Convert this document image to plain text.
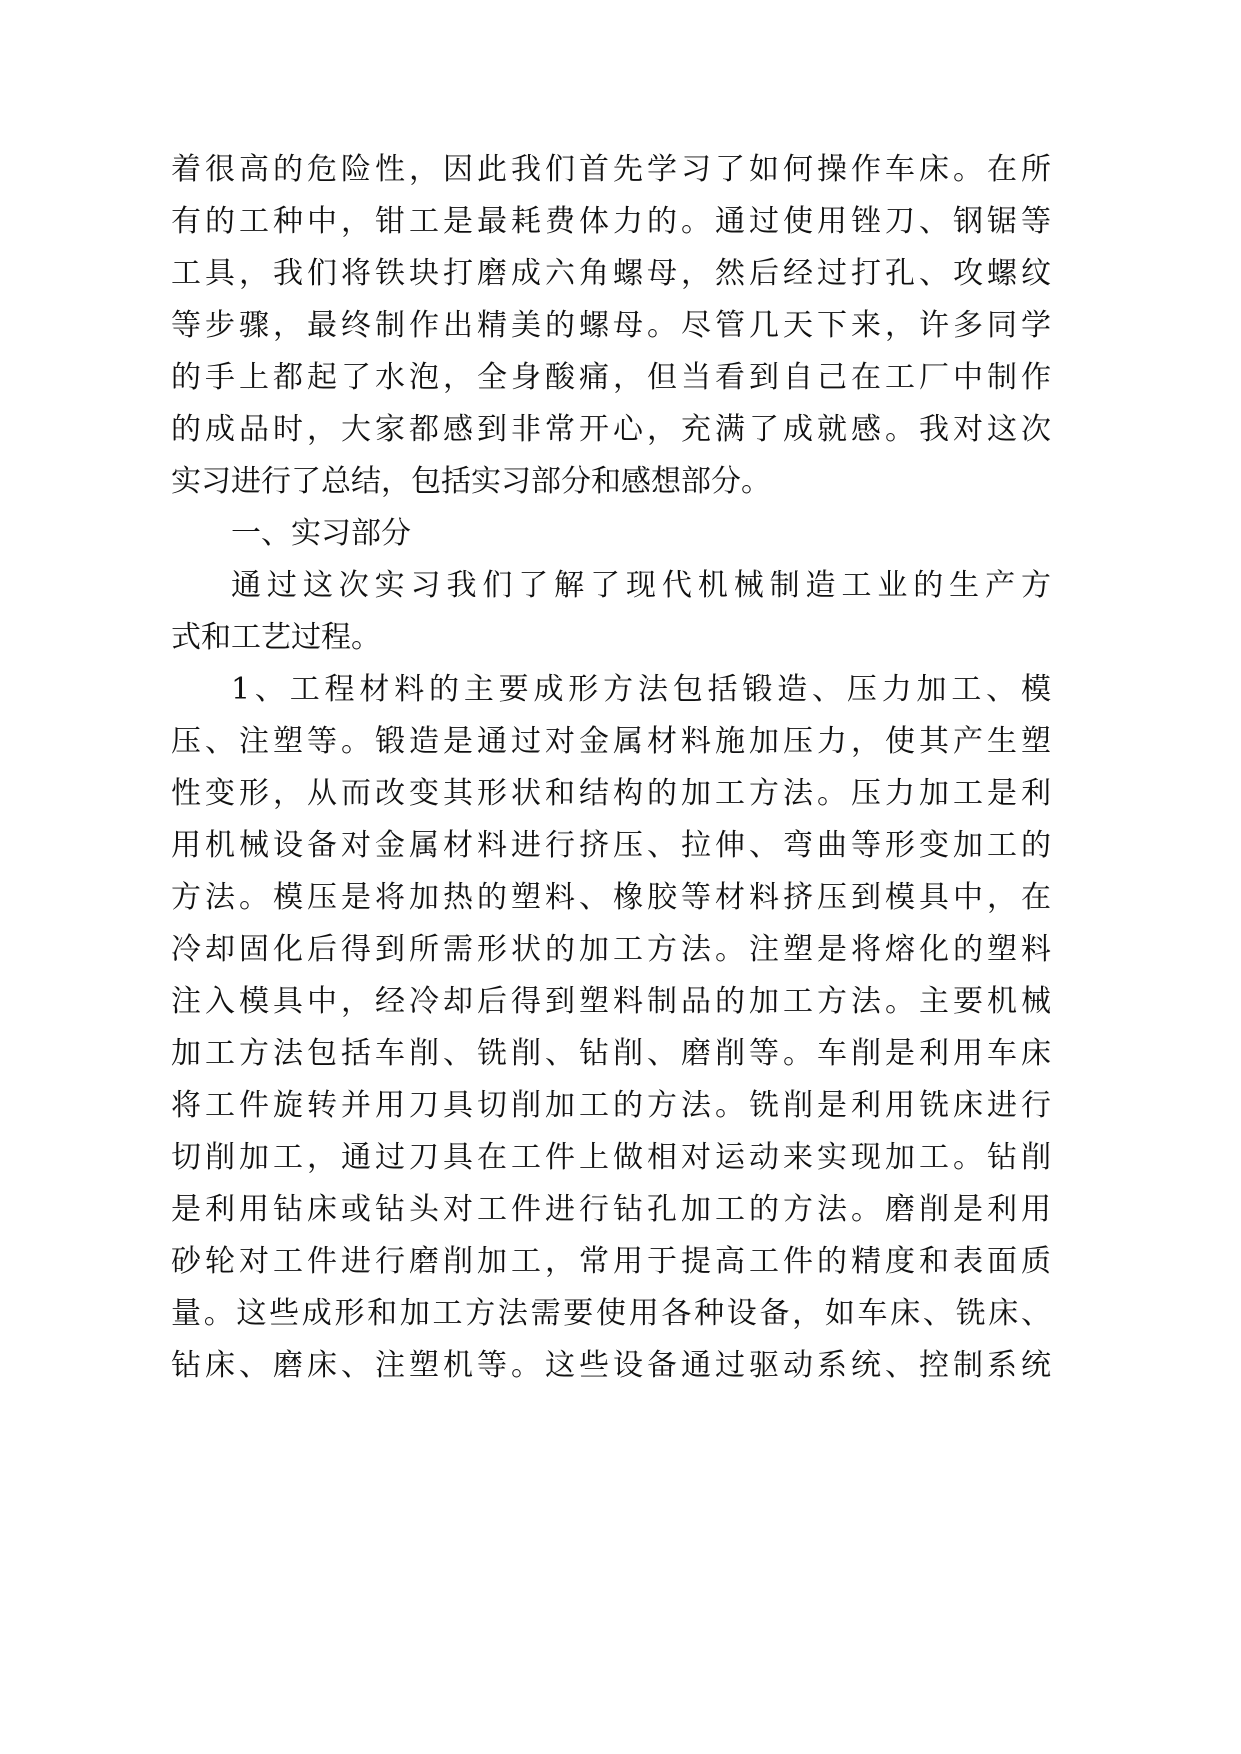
着很高的危险性，因此我们首先学习了如何操作车床。在所
有的工种中，钳工是最耗费体力的。通过使用锉刀、钢锯等
工具，我们将铁块打磨成六角螺母，然后经过打孔、攻螺纹
等步骤，最终制作出精美的螺母。尽管几天下来，许多同学
的手上都起了水泡，全身酸痛，但当看到自己在工厂中制作
的成品时，大家都感到非常开心，充满了成就感。我对这次
实习进行了总结，包括实习部分和感想部分。
一、实习部分
通过这次实习我们了解了现代机械制造工业的生产方
式和工艺过程。
1、工程材料的主要成形方法包括锻造、压力加工、模
压、注塑等。锻造是通过对金属材料施加压力，使其产生塑
性变形，从而改变其形状和结构的加工方法。压力加工是利
用机械设备对金属材料进行挤压、拉伸、弯曲等形变加工的
方法。模压是将加热的塑料、橡胶等材料挤压到模具中，在
冷却固化后得到所需形状的加工方法。注塑是将熔化的塑料
注入模具中，经冷却后得到塑料制品的加工方法。主要机械
加工方法包括车削、铣削、钻削、磨削等。车削是利用车床
将工件旋转并用刀具切削加工的方法。铣削是利用铣床进行
切削加工，通过刀具在工件上做相对运动来实现加工。钻削
是利用钻床或钻头对工件进行钻孔加工的方法。磨削是利用
砂轮对工件进行磨削加工，常用于提高工件的精度和表面质
量。这些成形和加工方法需要使用各种设备，如车床、铣床、
钻床、磨床、注塑机等。这些设备通过驱动系统、控制系统
